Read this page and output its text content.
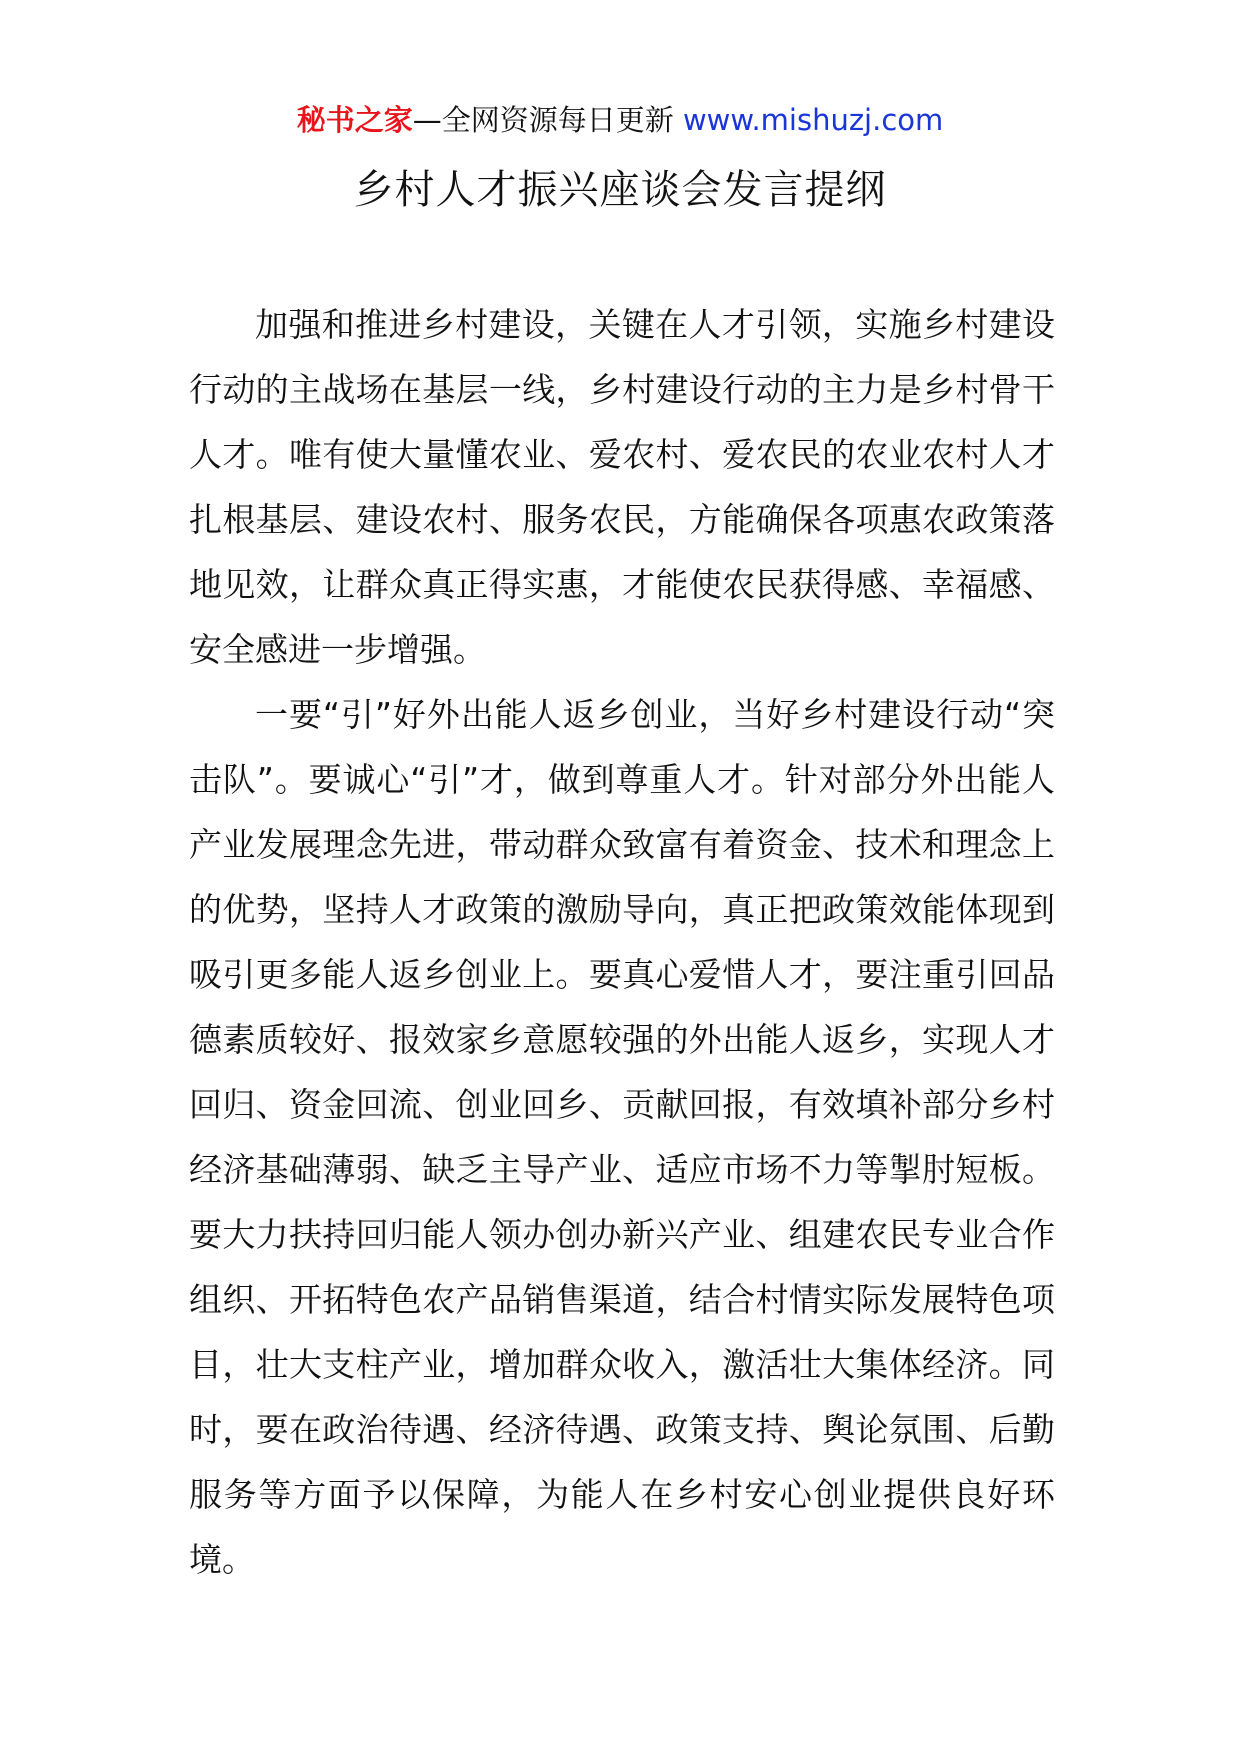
秘书之家—全网资源每日更新 www.mishuzj.com
乡村人才振兴座谈会发言提纲

加强和推进乡村建设，关键在人才引领，实施乡村建设行动的主战场在基层一线，乡村建设行动的主力是乡村骨干人才。唯有使大量懂农业、爱农村、爱农民的农业农村人才扎根基层、建设农村、服务农民，方能确保各项惠农政策落地见效，让群众真正得实惠，才能使农民获得感、幸福感、安全感进一步增强。

一要“引”好外出能人返乡创业，当好乡村建设行动“突击队”。要诚心“引”才，做到尊重人才。针对部分外出能人产业发展理念先进，带动群众致富有着资金、技术和理念上的优势，坚持人才政策的激励导向，真正把政策效能体现到吸引更多能人返乡创业上。要真心爱惜人才，要注重引回品德素质较好、报效家乡意愿较强的外出能人返乡，实现人才回归、资金回流、创业回乡、贡献回报，有效填补部分乡村经济基础薄弱、缺乏主导产业、适应市场不力等掣肘短板。要大力扶持回归能人领办创办新兴产业、组建农民专业合作组织、开拓特色农产品销售渠道，结合村情实际发展特色项目，壮大支柱产业，增加群众收入，激活壮大集体经济。同时，要在政治待遇、经济待遇、政策支持、舆论氛围、后勤服务等方面予以保障，为能人在乡村安心创业提供良好环境。
